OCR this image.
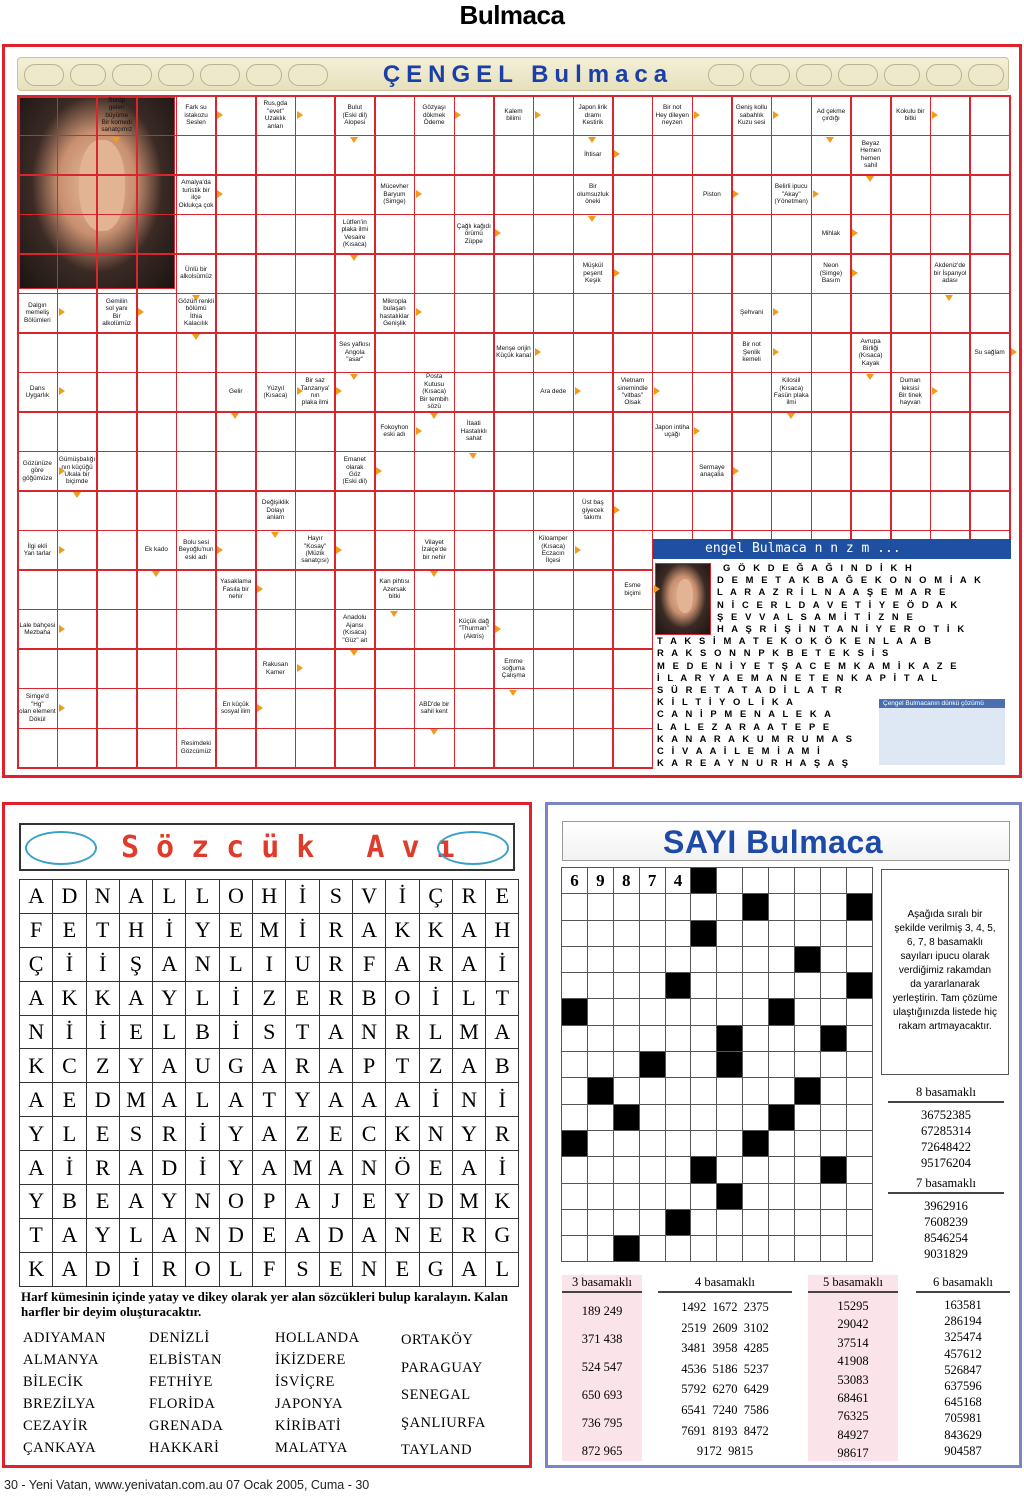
Bulmaca
ÇENGEL Bulmaca
engel Bulmaca n n z m ...
G Ö K D E Ğ A Ğ I N D İ K H
D E M E T A K B A Ğ E K O N O M İ A K
L A R A Z R İ L N A A Ş E M A R E
N İ C E R L D A V E T İ Y E Ö D A K
Ş E V V A L S A M İ T İ Z N E
H A Ş R İ Ş İ N T A N İ Y E R O T İ K
T A K S İ M A T E K O K Ö K E N L A A B
R A K S O N N P K B E T E K S İ S
M E D E N İ Y E T Ş A C E M K A M İ K A Z E
İ L A R Y A E M A N E T E N K A P İ T A L
S Ü R E T A T A D İ L A T R
K İ L T İ Y O L İ K A
C A N İ P M E N A L E K A
L A L E Z A R A A T E P E
K A N A R A K U M R U M A S
C İ V A A İ L E M İ A M İ
K A R E A Y N U R H A Ş A Ş
Çengel Bulmacanın dünkü çözümü
Sürüp
gelen
büyüme
Bir komedi
sanatçımız
Fark su
istakozu
Seslen
Rus,gda
"evet"
Uzaklık
anları
Bulut
(Eski dil)
Alopesi
Gözyaşı
dökmek
Ödeme
Kalem
bilimi
Japon lirik
dramı
Kestirik
Bir not
Hey dileyen
neyzen
Geniş kollu
sabahlık
Kuzu sesi
Ad çekme
çırdığı
Kokulu bir
bitki
İhtisar
Beyaz
Hemen
hemen
sahil
Amalya'da
turistik bir
ilçe
Oklukça çok
Mücevher
Baryum
(Simge)
Bir
olumsuzluk
öneki
Piston
Belirli ipucu
"Akay"
(Yönetmen)
Lütfen'in
plaka ilmi
Vesaire
(Kısaca)
Çağlı kağıdı
örümü
Züppe
Mihlak
Ünlü bir
alkolsümüz
Müşkül
peşent
Keşik
Neon
(Simge)
Basım
Akdeniz'de
bir İspanyol
adası
Dalgın
memeliş
Bölümleri
Gemilin
sol yanı
Bir
alkolümüz
Gözün renkli
bölümü
İthia
Kalacılık
Mikropla
bulaşan
hastalıklar
Genişlik
Şehvani
Ses yafkısı
Angola
"asar"
Menşe orijin
Küçük kanal
Bir not
Şenlik
kemeli
Avrupa
Birliği
(Kısaca)
Kayak
Su sağlam
Dans
Uygarlık
Gelir
Yüzyıl
(Kısaca)
Bir saz
Tanzanya'
nın
plaka ilmi
Posta
Kutusu
(Kısaca)
Bir tembih
sözü
Ara dede
Vietnam
sinemindie
"vitbas"
Olsak
Kilosiil
(Kısaca)
Fasün plaka
ilmi
Duman
leksisi
Bir tinek
hayvan
Fokoyhon
eski adı
İtaati
Hastalıklı
sahat
Japon intiha
uçağı
Gözünüze
göre
göğümüze
Gümüşbalığı
nın küçüğü
Ukala bir
biçimde
Emanet
olarak
Göz
(Eski dil)
Sermaye
anaçalia
Değişiklik
Dolayı
anlam
Üst baş
giyecek
takımı
İlgi ekli
Yan tarlar
Ek kado
Bolu sesi
Beyoğlu'nun
eski adı
Hayır
"Kosay"
(Müzik
sanatçısı)
Vilayet
İzalçe'de
bir nehir
Kiloamper
(Kısaca)
Eczacın
İlçesi
Yasaklama
Fasıla bir
nehir
Kan pihtısı
Azersak
bitki
Esme
biçimi
Lale bahçesi
Mezbaha
Anadolu
Ajansı
(Kısaca)
"Güz" ait
Küçük dağ
"Thurman"
(Aktris)
Rakusan
Kamer
Emme
soğuma
Çalışma
Simge'd "Hg"
olan element
Dökül
En küçük
sosyal ilim
ABD'de bir
sahil kent
Resimdeki
Gözcümüz
Sözcük Avı
A	D	N	A	L	L	O	H	İ	S	V	İ	Ç	R	E
F	E	T	H	İ	Y	E	M	İ	R	A	K	K	A	H
Ç	İ	İ	Ş	A	N	L	I	U	R	F	A	R	A	İ
A	K	K	A	Y	L	İ	Z	E	R	B	O	İ	L	T
N	İ	İ	E	L	B	İ	S	T	A	N	R	L	M	A
K	C	Z	Y	A	U	G	A	R	A	P	T	Z	A	B
A	E	D	M	A	L	A	T	Y	A	A	A	İ	N	İ
Y	L	E	S	R	İ	Y	A	Z	E	C	K	N	Y	R
A	İ	R	A	D	İ	Y	A	M	A	N	Ö	E	A	İ
Y	B	E	A	Y	N	O	P	A	J	E	Y	D	M	K
T	A	Y	L	A	N	D	E	A	D	A	N	E	R	G
K	A	D	İ	R	O	L	F	S	E	N	E	G	A	L
Harf kümesinin içinde yatay ve dikey olarak yer alan sözcükleri bulup karalayın. Kalan harfler bir deyim oluşturacaktır.
ADIYAMAN
ALMANYA
BİLECİK
BREZİLYA
CEZAYİR
ÇANKAYA
DENİZLİ
ELBİSTAN
FETHİYE
FLORİDA
GRENADA
HAKKARİ
HOLLANDA
İKİZDERE
İSVİÇRE
JAPONYA
KİRİBATİ
MALATYA
ORTAKÖY
PARAGUAY
SENEGAL
ŞANLIURFA
TAYLAND
SAYI Bulmaca
6	9	8	7	4							

Aşağıda sıralı bir şekilde verilmiş 3, 4, 5, 6, 7, 8 basamaklı sayıları ipucu olarak verdiğimiz rakamdan da yararlanarak yerleştirin. Tam çözüme ulaştığınızda listede hiç rakam artmayacaktır.
8 basamaklı
36752385
67285314
72648422
95176204
7 basamaklı
3962916
7608239
8546254
9031829
3 basamaklı
189 249
371 438
524 547
650 693
736 795
872 965
4 basamaklı
1492  1672  2375
2519  2609  3102
3481  3958  4285
4536  5186  5237
5792  6270  6429
6541  7240  7586
7691  8193  8472
9172  9815
5 basamaklı
15295
29042
37514
41908
53083
68461
76325
84927
98617
6 basamaklı
163581
286194
325474
457612
526847
637596
645168
705981
843629
904587
30 - Yeni Vatan, www.yenivatan.com.au 07 Ocak 2005, Cuma - 30
